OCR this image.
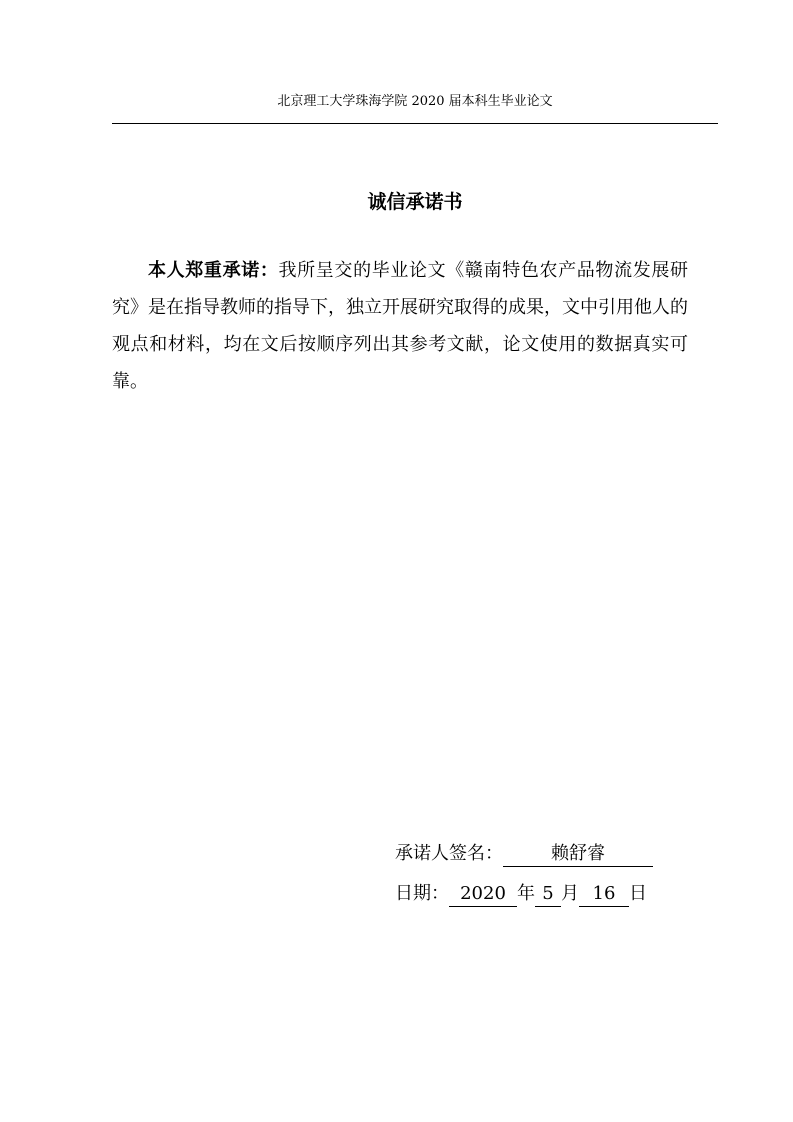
北京理工大学珠海学院 2020 届本科生毕业论文
诚信承诺书
本人郑重承诺：我所呈交的毕业论文《赣南特色农产品物流发展研究》是在指导教师的指导下，独立开展研究取得的成果，文中引用他人的观点和材料，均在文后按顺序列出其参考文献，论文使用的数据真实可靠。
承诺人签名：	赖舒睿
日期： 2020 年 5 月 16 日
